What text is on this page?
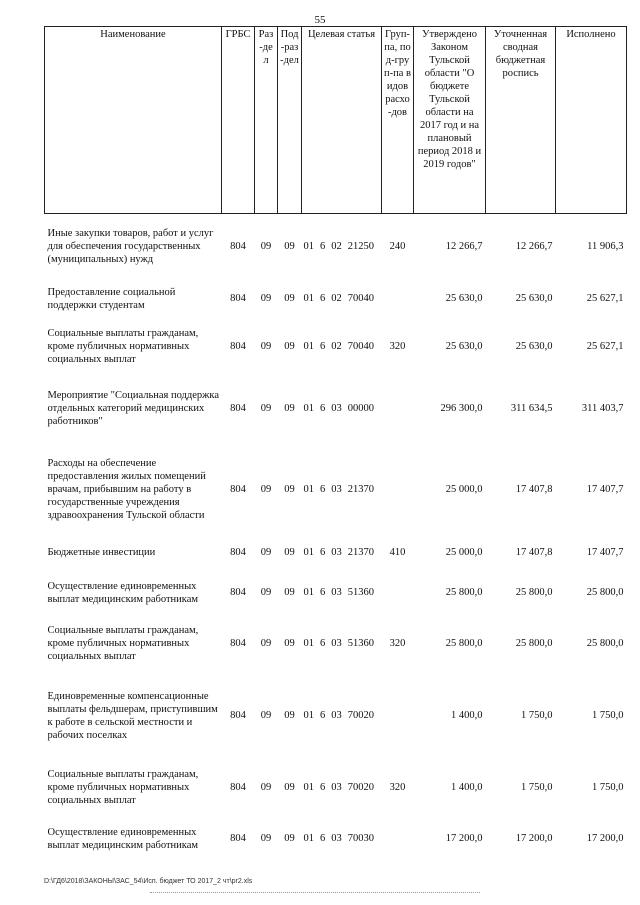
55
Наименование	ГРБС	Раз-дел	Под-раз-дел	Целевая статья	Груп-па, под-груп-па видов расхо-дов	Утверждено Законом Тульской области "О бюджете Тульской области на 2017 год и на плановый период 2018 и 2019 годов"	Уточненная сводная бюджетная роспись	Исполнено
Иные закупки товаров, работ и услуг для обеспечения государственных (муниципальных) нужд	804	09	09	01 6 02 21250	240	12 266,7	12 266,7	11 906,3
Предоставление социальной поддержки студентам	804	09	09	01 6 02 70040		25 630,0	25 630,0	25 627,1
Социальные выплаты гражданам, кроме публичных нормативных социальных выплат	804	09	09	01 6 02 70040	320	25 630,0	25 630,0	25 627,1
Мероприятие "Социальная поддержка отдельных категорий медицинских работников"	804	09	09	01 6 03 00000		296 300,0	311 634,5	311 403,7
Расходы на обеспечение предоставления жилых помещений врачам, прибывшим на работу в государственные учреждения здравоохранения Тульской области	804	09	09	01 6 03 21370		25 000,0	17 407,8	17 407,7
Бюджетные инвестиции	804	09	09	01 6 03 21370	410	25 000,0	17 407,8	17 407,7
Осуществление единовременных выплат медицинским работникам	804	09	09	01 6 03 51360		25 800,0	25 800,0	25 800,0
Социальные выплаты гражданам, кроме публичных нормативных социальных выплат	804	09	09	01 6 03 51360	320	25 800,0	25 800,0	25 800,0
Единовременные компенсационные выплаты фельдшерам, приступившим к работе в сельской местности и рабочих поселках	804	09	09	01 6 03 70020		1 400,0	1 750,0	1 750,0
Социальные выплаты гражданам, кроме публичных нормативных социальных выплат	804	09	09	01 6 03 70020	320	1 400,0	1 750,0	1 750,0
Осуществление единовременных выплат медицинским работникам	804	09	09	01 6 03 70030		17 200,0	17 200,0	17 200,0
D:\ГД6\2018\ЗАКОНЫ\ЗАС_54\Исп. бюджет ТО 2017_2 чт\pr2.xls
